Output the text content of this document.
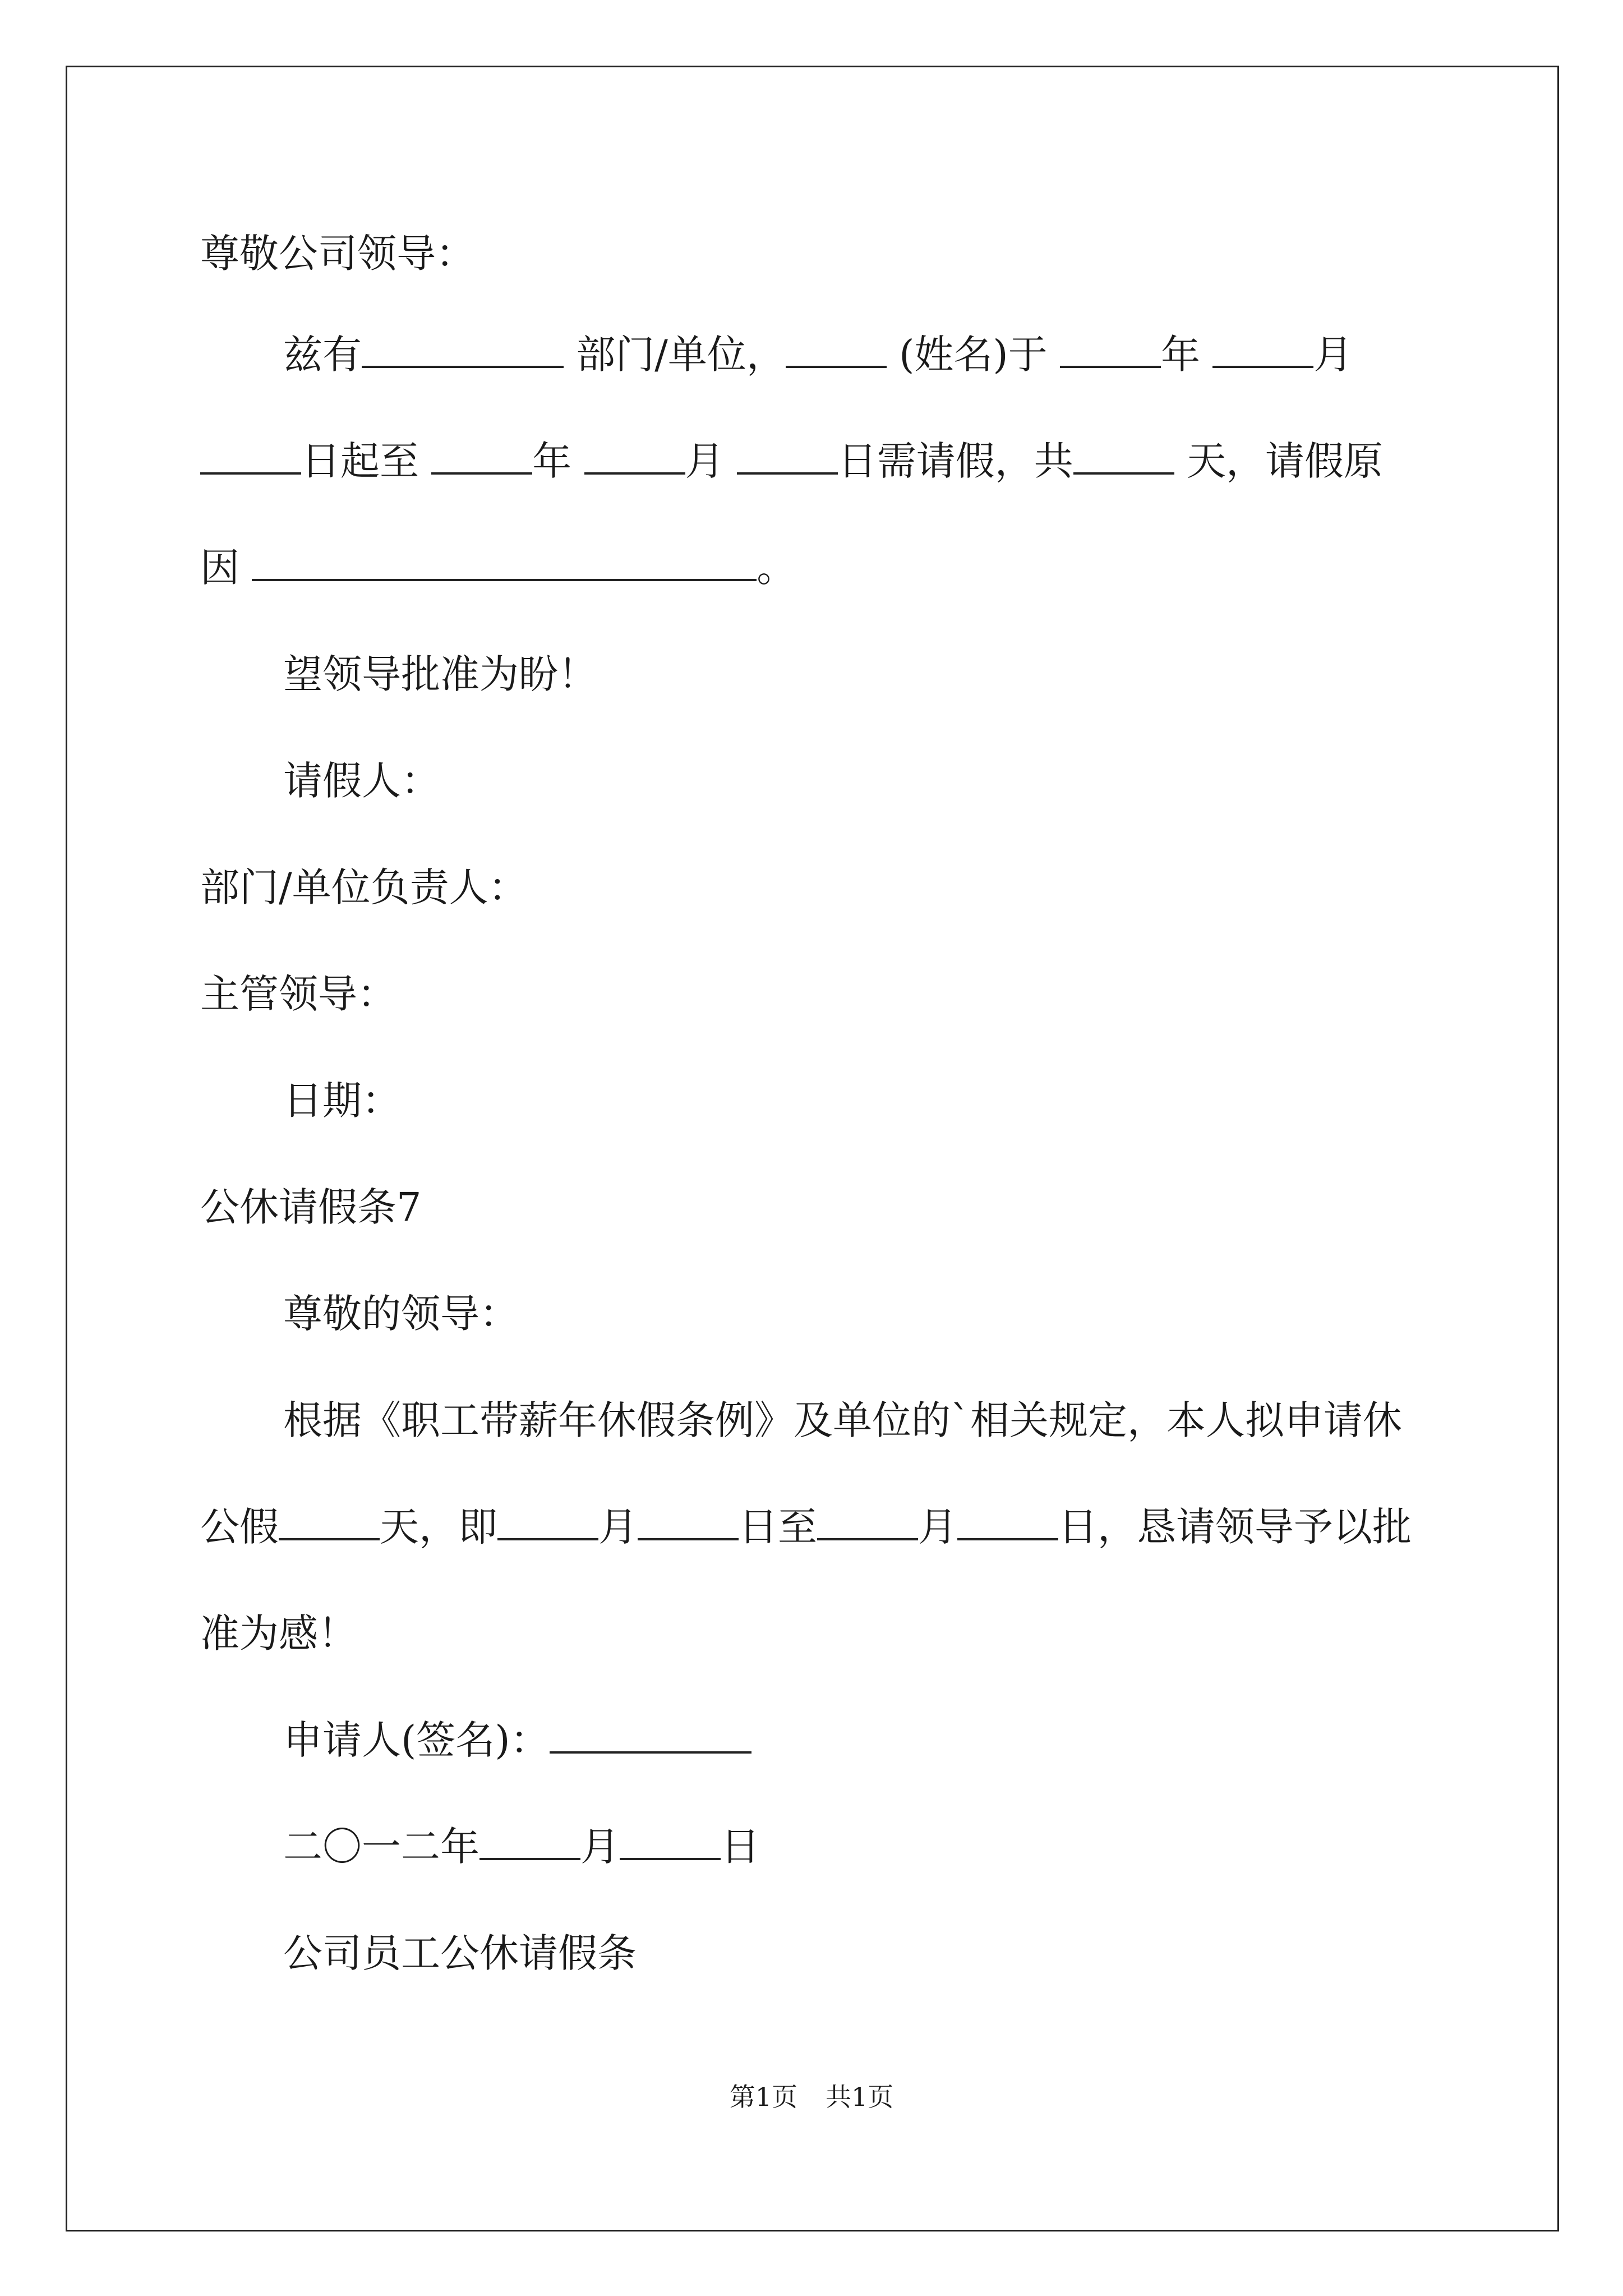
尊敬公司领导：
兹有	部门/单位，	(姓名)于	年	月
日起至	年	月	日需请假，共	天，请假原
因	。
望领导批准为盼！
请假人：
部门/单位负责人：
主管领导：
日期：
公休请假条7
尊敬的领导：
根据《职工带薪年休假条例》及单位的`相关规定，本人拟申请休
公假	天，即	月	日至	月	日，恳请领导予以批
准为感！
申请人(签名)：
二〇一二年	月	日
公司员工公休请假条
第1页 共1页
